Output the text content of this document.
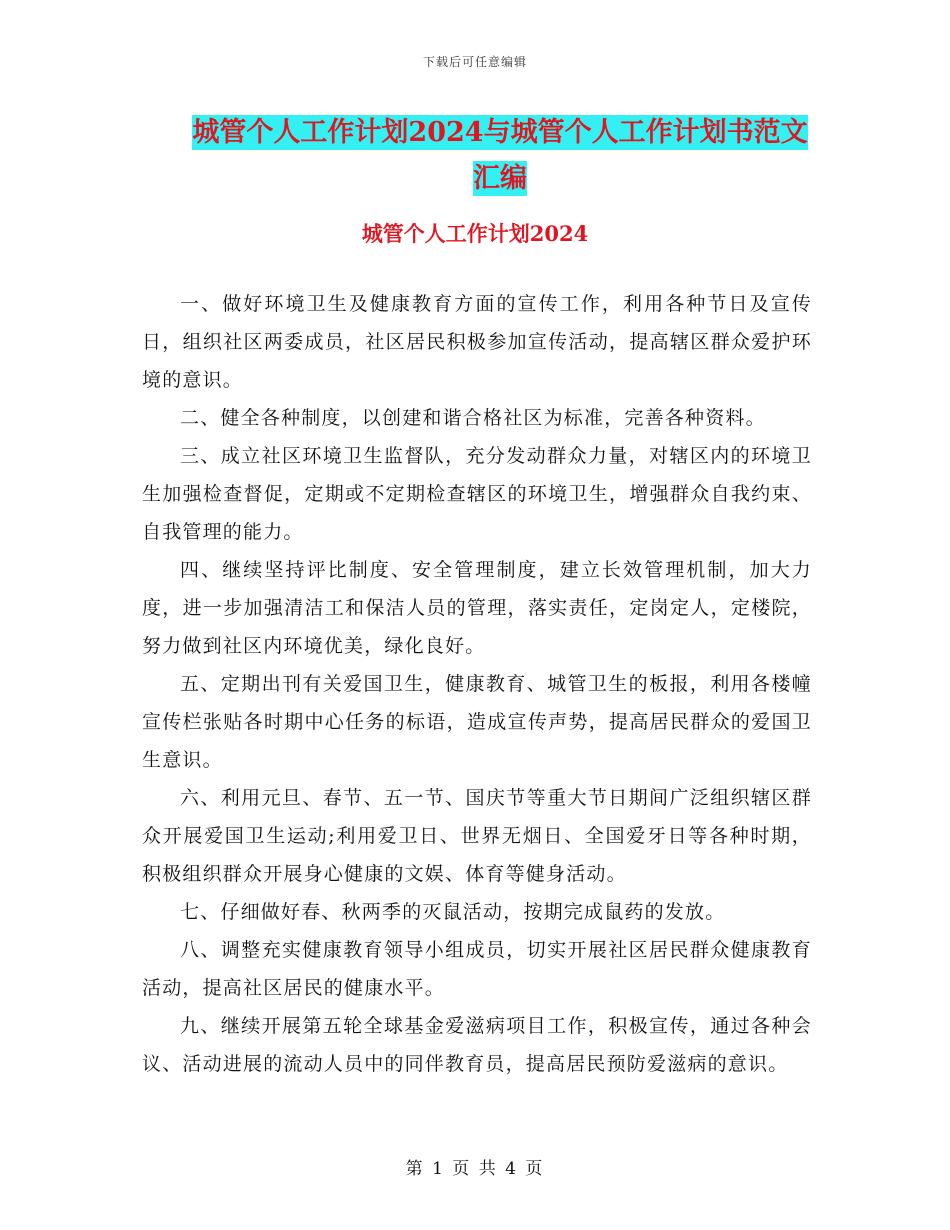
下载后可任意编辑
城管个人工作计划2024与城管个人工作计划书范文汇编
城管个人工作计划2024

一、做好环境卫生及健康教育方面的宣传工作，利用各种节日及宣传日，组织社区两委成员，社区居民积极参加宣传活动，提高辖区群众爱护环境的意识。

二、健全各种制度，以创建和谐合格社区为标准，完善各种资料。

三、成立社区环境卫生监督队，充分发动群众力量，对辖区内的环境卫生加强检查督促，定期或不定期检查辖区的环境卫生，增强群众自我约束、自我管理的能力。

四、继续坚持评比制度、安全管理制度，建立长效管理机制，加大力度，进一步加强清洁工和保洁人员的管理，落实责任，定岗定人，定楼院，努力做到社区内环境优美，绿化良好。

五、定期出刊有关爱国卫生，健康教育、城管卫生的板报，利用各楼幢宣传栏张贴各时期中心任务的标语，造成宣传声势，提高居民群众的爱国卫生意识。

六、利用元旦、春节、五一节、国庆节等重大节日期间广泛组织辖区群众开展爱国卫生运动;利用爱卫日、世界无烟日、全国爱牙日等各种时期，积极组织群众开展身心健康的文娱、体育等健身活动。

七、仔细做好春、秋两季的灭鼠活动，按期完成鼠药的发放。

八、调整充实健康教育领导小组成员，切实开展社区居民群众健康教育活动，提高社区居民的健康水平。

九、继续开展第五轮全球基金爱滋病项目工作，积极宣传，通过各种会议、活动进展的流动人员中的同伴教育员，提高居民预防爱滋病的意识。

第 1 页 共 4 页
